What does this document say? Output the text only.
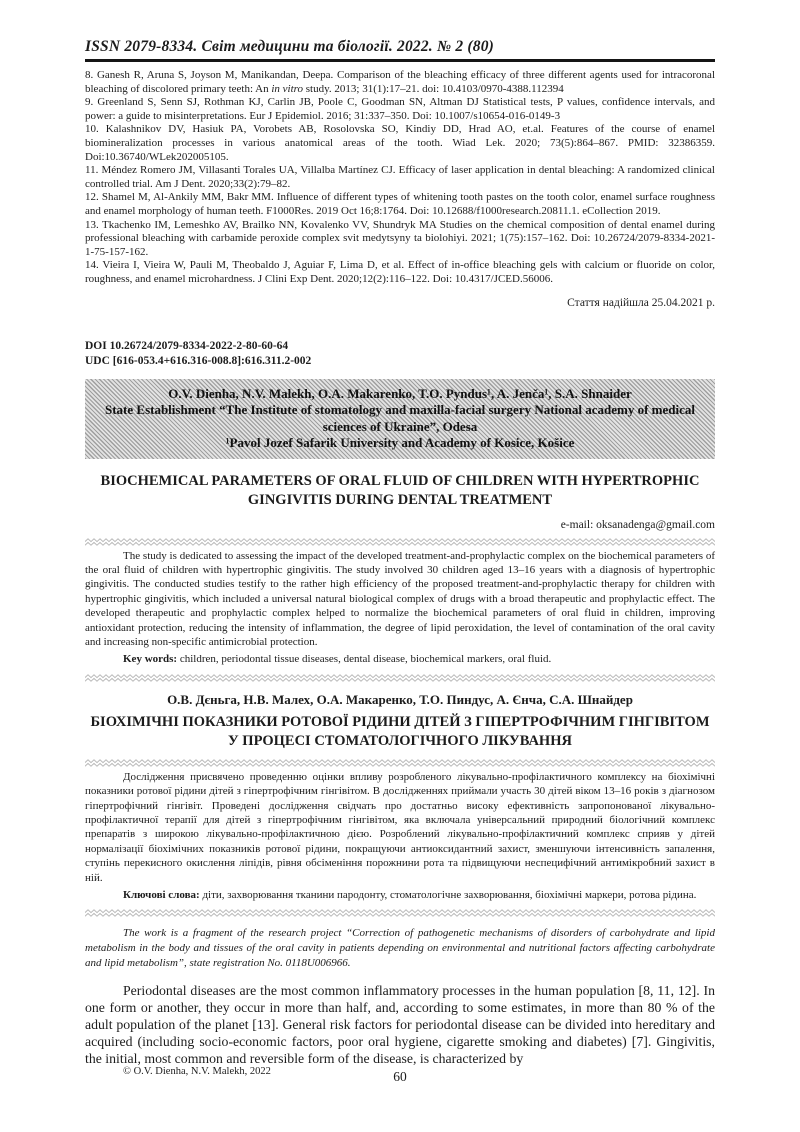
ISSN 2079-8334. Світ медицини та біології. 2022. № 2 (80)

8. Ganesh R, Aruna S, Joyson M, Manikandan, Deepa. Comparison of the bleaching efficacy of three different agents used for intracoronal bleaching of discolored primary teeth: An in vitro study. 2013; 31(1):17–21. doi: 10.4103/0970-4388.112394

9. Greenland S, Senn SJ, Rothman KJ, Carlin JB, Poole C, Goodman SN, Altman DJ Statistical tests, P values, confidence intervals, and power: a guide to misinterpretations. Eur J Epidemiol. 2016; 31:337–350. Doi: 10.1007/s10654-016-0149-3

10. Kalashnikov DV, Hasiuk PA, Vorobets AB, Rosolovska SO, Kindiy DD, Hrad AO, et.al. Features of the course of enamel biomineralization processes in various anatomical areas of the tooth. Wiad Lek. 2020; 73(5):864–867. PMID: 32386359. Doi:10.36740/WLek202005105.

11. Méndez Romero JM, Villasanti Torales UA, Villalba Martínez CJ. Efficacy of laser application in dental bleaching: A randomized clinical controlled trial. Am J Dent. 2020;33(2):79–82.

12. Shamel M, Al-Ankily MM, Bakr MM. Influence of different types of whitening tooth pastes on the tooth color, enamel surface roughness and enamel morphology of human teeth. F1000Res. 2019 Oct 16;8:1764. Doi: 10.12688/f1000research.20811.1. eCollection 2019.

13. Tkachenko IM, Lemeshko AV, Brailko NN, Kovalenko VV, Shundryk MA Studies on the chemical composition of dental enamel during professional bleaching with carbamide peroxide complex svit medytsyny ta biolohiyi. 2021; 1(75):157–162. Doi: 10.26724/2079-8334-2021-1-75-157-162.

14. Vieira I, Vieira W, Pauli M, Theobaldo J, Aguiar F, Lima D, et al. Effect of in-office bleaching gels with calcium or fluoride on color, roughness, and enamel microhardness. J Clini Exp Dent. 2020;12(2):116–122. Doi: 10.4317/JCED.56006.

Стаття надійшла 25.04.2021 р.
DOI 10.26724/2079-8334-2022-2-80-60-64
UDC [616-053.4+616.316-008.8]:616.311.2-002
O.V. Dienha, N.V. Malekh, O.A. Makarenko, T.O. Pyndus¹, A. Jenča¹, S.A. Shnaider
State Establishment “The Institute of stomatology and maxilla-facial surgery National academy of medical sciences of Ukraine”, Odesa
¹Pavol Jozef Safarik University and Academy of Kosice, Košice
BIOCHEMICAL PARAMETERS OF ORAL FLUID OF CHILDREN WITH HYPERTROPHIC GINGIVITIS DURING DENTAL TREATMENT
e-mail: oksanadenga@gmail.com

The study is dedicated to assessing the impact of the developed treatment-and-prophylactic complex on the biochemical parameters of the oral fluid of children with hypertrophic gingivitis. The study involved 30 children aged 13–16 years with a diagnosis of hypertrophic gingivitis. The conducted studies testify to the rather high efficiency of the proposed treatment-and-prophylactic therapy for children with hypertrophic gingivitis, which included a universal natural biological complex of drugs with a broad therapeutic and prophylactic effect. The developed therapeutic and prophylactic complex helped to normalize the biochemical parameters of oral fluid in children, improving antioxidant protection, reducing the intensity of inflammation, the degree of lipid peroxidation, the level of contamination of the oral cavity and increasing non-specific antimicrobial protection.

Key words: children, periodontal tissue diseases, dental disease, biochemical markers, oral fluid.

О.В. Дєньга, Н.В. Малех, О.А. Макаренко, Т.О. Пиндус, А. Єнча, С.А. Шнайдер
БІОХІМІЧНІ ПОКАЗНИКИ РОТОВОЇ РІДИНИ ДІТЕЙ З ГІПЕРТРОФІЧНИМ ГІНГІВІТОМ У ПРОЦЕСІ СТОМАТОЛОГІЧНОГО ЛІКУВАННЯ

Дослідження присвячено проведенню оцінки впливу розробленого лікувально-профілактичного комплексу на біохімічні показники ротової рідини дітей з гіпертрофічним гінгівітом. В дослідженнях приймали участь 30 дітей віком 13–16 років з діагнозом гіпертрофічний гінгівіт. Проведені дослідження свідчать про достатньо високу ефективність запропонованої лікувально-профілактичної терапії для дітей з гіпертрофічним гінгівітом, яка включала універсальний природний біологічний комплекс препаратів з широкою лікувально-профілактичною дією. Розроблений лікувально-профілактичний комплекс сприяв у дітей нормалізації біохімічних показників ротової рідини, покращуючи антиоксидантний захист, зменшуючи інтенсивність запалення, ступінь перекисного окислення ліпідів, рівня обсіменіння порожнини рота та підвищуючи неспецифічний антимікробний захист в ній.

Ключові слова: діти, захворювання тканини пародонту, стоматологічне захворювання, біохімічні маркери, ротова рідина.

The work is a fragment of the research project “Correction of pathogenetic mechanisms of disorders of carbohydrate and lipid metabolism in the body and tissues of the oral cavity in patients depending on environmental and nutritional factors affecting carbohydrate and lipid metabolism”, state registration No. 0118U006966.

Periodontal diseases are the most common inflammatory processes in the human population [8, 11, 12]. In one form or another, they occur in more than half, and, according to some estimates, in more than 80 % of the adult population of the planet [13]. General risk factors for periodontal disease can be divided into hereditary and acquired (including socio-economic factors, poor oral hygiene, cigarette smoking and diabetes) [7]. Gingivitis, the initial, most common and reversible form of the disease, is characterized by

© O.V. Dienha, N.V. Malekh, 2022	60
